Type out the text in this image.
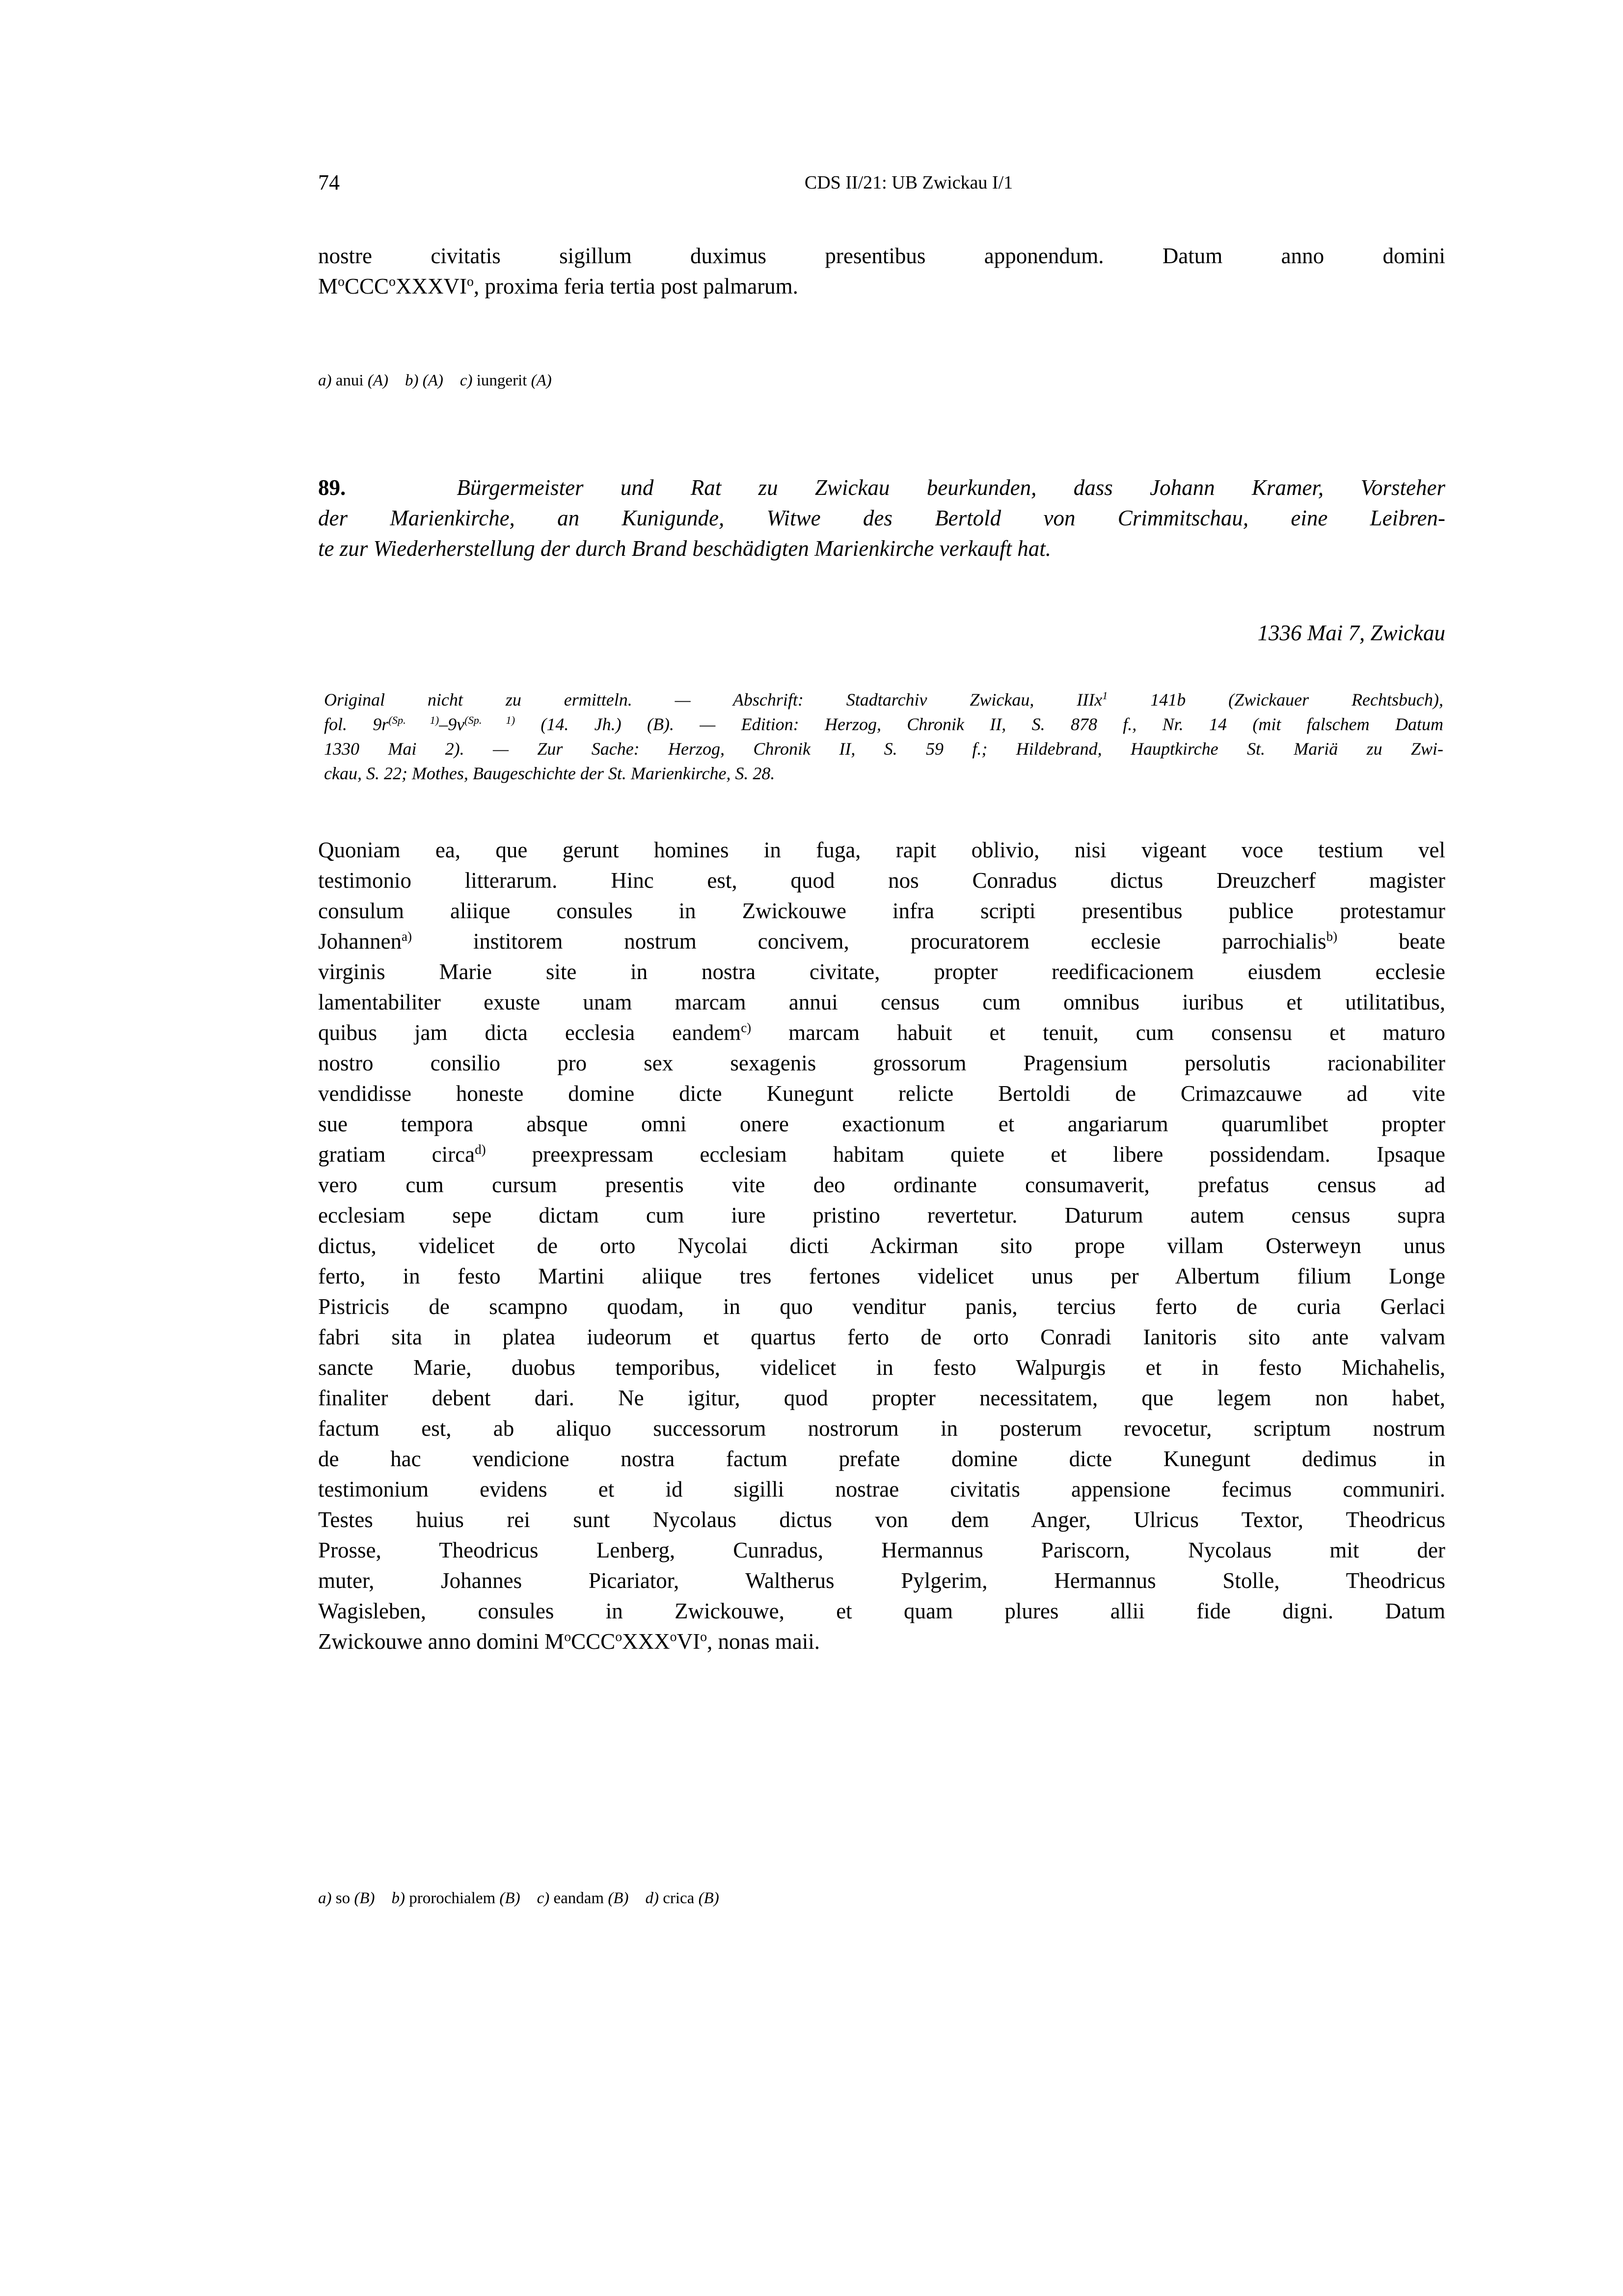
74	CDS II/21: UB Zwickau I/1
nostre civitatis sigillum duximus presentibus apponendum. Datum anno domini
$M^oCCC^oXXXVI^o$, proxima feria tertia post palmarum.
a) anui (A) b) (A) c) iungerit (A)
89.	Bürgermeister und Rat zu Zwickau beurkunden, dass Johann Kramer, Vorsteher
der Marienkirche, an Kunigunde, Witwe des Bertold von Crimmitschau, eine Leibren-
te zur Wiederherstellung der durch Brand beschädigten Marienkirche verkauft hat.
1336 Mai 7, Zwickau
Original nicht zu ermitteln. — Abschrift: Stadtarchiv Zwickau, IIIx$^1$ 141b (Zwickauer Rechtsbuch),
fol. $9r^{(Sp. 1)}-9v^{(Sp. 1)}$ (14. Jh.) (B). — Edition: Herzog, Chronik II, S. 878 f., Nr. 14 (mit falschem Datum
1330 Mai 2). — Zur Sache: Herzog, Chronik II, S. 59 f.; Hildebrand, Hauptkirche St. Mariä zu Zwi-
ckau, S. 22; Mothes, Baugeschichte der St. Marienkirche, S. 28.
Quoniam ea, que gerunt homines in fuga, rapit oblivio, nisi vigeant voce testium vel
testimonio litterarum. Hinc est, quod nos Conradus dictus Dreuzcherf magister
consulum aliique consules in Zwickouwe infra scripti presentibus publice protestamur
Johannen$^{a)}$ institorem nostrum concivem, procuratorem ecclesie parrochialis$^{b)}$ beate
virginis Marie site in nostra civitate, propter reedificacionem eiusdem ecclesie
lamentabiliter exuste unam marcam annui census cum omnibus iuribus et utilitatibus,
quibus jam dicta ecclesia eandem$^{c)}$ marcam habuit et tenuit, cum consensu et maturo
nostro consilio pro sex sexagenis grossorum Pragensium persolutis racionabiliter
vendidisse honeste domine dicte Kunegunt relicte Bertoldi de Crimazcauwe ad vite
sue tempora absque omni onere exactionum et angariarum quarumlibet propter
gratiam circa$^{d)}$ preexpressam ecclesiam habitam quiete et libere possidendam. Ipsaque
vero cum cursum presentis vite deo ordinante consumaverit, prefatus census ad
ecclesiam sepe dictam cum iure pristino revertetur. Daturum autem census supra
dictus, videlicet de orto Nycolai dicti Ackirman sito prope villam Osterweyn unus
ferto, in festo Martini aliique tres fertones videlicet unus per Albertum filium Longe
Pistricis de scampno quodam, in quo venditur panis, tercius ferto de curia Gerlaci
fabri sita in platea iudeorum et quartus ferto de orto Conradi Ianitoris sito ante valvam
sancte Marie, duobus temporibus, videlicet in festo Walpurgis et in festo Michahelis,
finaliter debent dari. Ne igitur, quod propter necessitatem, que legem non habet,
factum est, ab aliquo successorum nostrorum in posterum revocetur, scriptum nostrum
de hac vendicione nostra factum prefate domine dicte Kunegunt dedimus in
testimonium evidens et id sigilli nostrae civitatis appensione fecimus communiri.
Testes huius rei sunt Nycolaus dictus von dem Anger, Ulricus Textor, Theodricus
Prosse, Theodricus Lenberg, Cunradus, Hermannus Pariscorn, Nycolaus mit der
muter, Johannes Picariator, Waltherus Pylgerim, Hermannus Stolle, Theodricus
Wagisleben, consules in Zwickouwe, et quam plures allii fide digni. Datum
Zwickouwe anno domini $M^oCCC^oXXX^oVI^o$, nonas maii.
a) so (B) b) prorochialem (B) c) eandam (B) d) crica (B)
